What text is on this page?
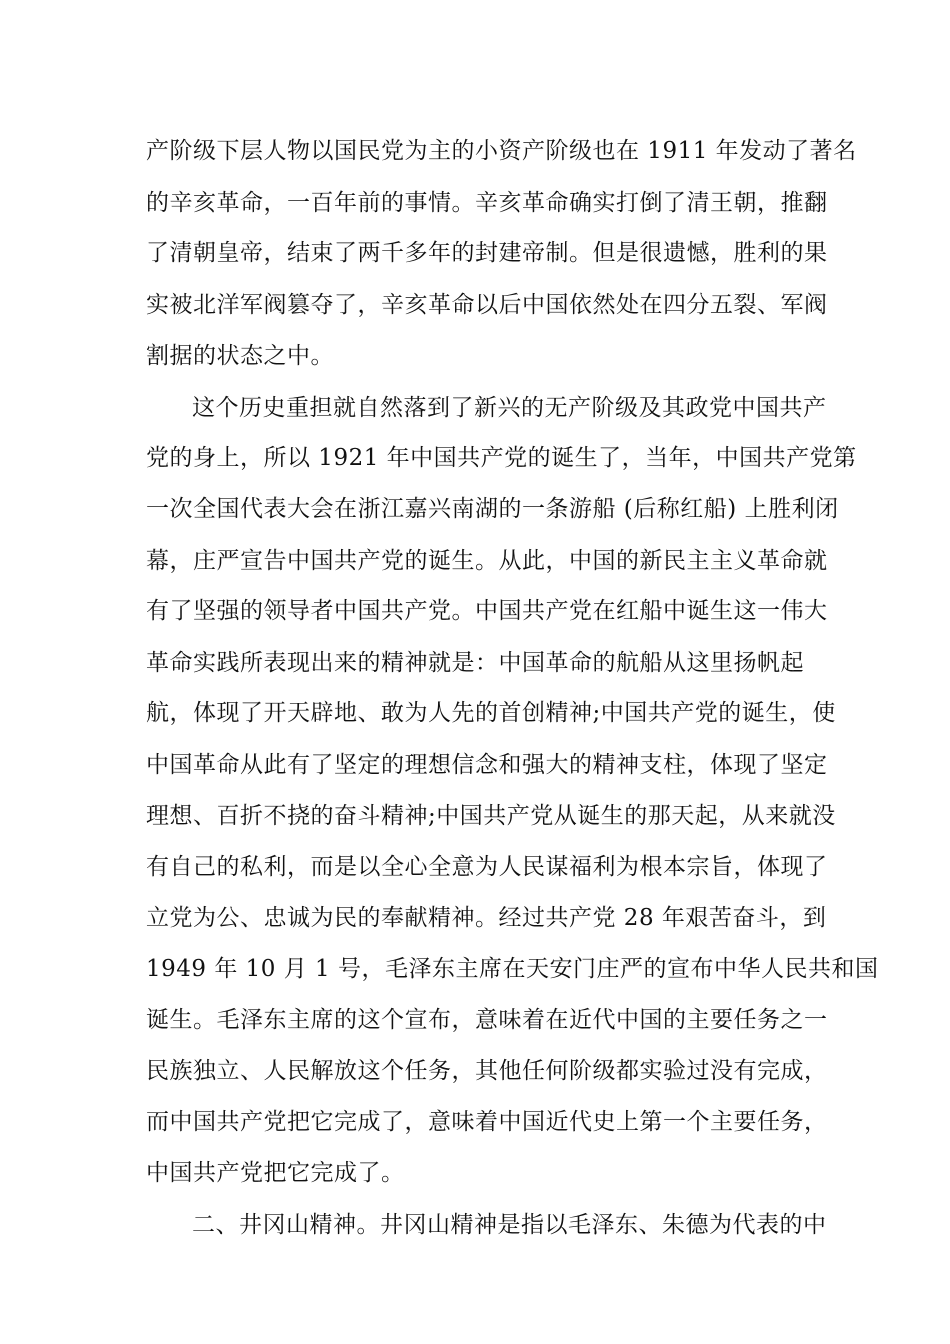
产阶级下层人物以国民党为主的小资产阶级也在 1911 年发动了著名
的辛亥革命，一百年前的事情。辛亥革命确实打倒了清王朝，推翻
了清朝皇帝，结束了两千多年的封建帝制。但是很遗憾，胜利的果
实被北洋军阀篡夺了，辛亥革命以后中国依然处在四分五裂、军阀
割据的状态之中。
这个历史重担就自然落到了新兴的无产阶级及其政党中国共产
党的身上，所以 1921 年中国共产党的诞生了，当年，中国共产党第
一次全国代表大会在浙江嘉兴南湖的一条游船 (后称红船) 上胜利闭
幕，庄严宣告中国共产党的诞生。从此，中国的新民主主义革命就
有了坚强的领导者中国共产党。中国共产党在红船中诞生这一伟大
革命实践所表现出来的精神就是：中国革命的航船从这里扬帆起
航，体现了开天辟地、敢为人先的首创精神;中国共产党的诞生，使
中国革命从此有了坚定的理想信念和强大的精神支柱，体现了坚定
理想、百折不挠的奋斗精神;中国共产党从诞生的那天起，从来就没
有自己的私利，而是以全心全意为人民谋福利为根本宗旨，体现了
立党为公、忠诚为民的奉献精神。经过共产党 28 年艰苦奋斗，到
1949 年 10 月 1 号，毛泽东主席在天安门庄严的宣布中华人民共和国
诞生。毛泽东主席的这个宣布，意味着在近代中国的主要任务之一
民族独立、人民解放这个任务，其他任何阶级都实验过没有完成，
而中国共产党把它完成了，意味着中国近代史上第一个主要任务，
中国共产党把它完成了。
二、井冈山精神。井冈山精神是指以毛泽东、朱德为代表的中
